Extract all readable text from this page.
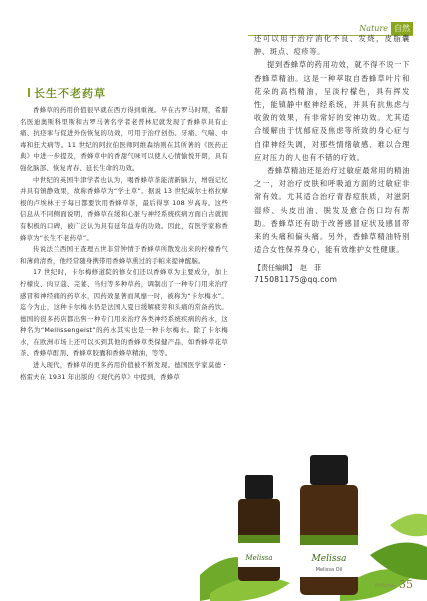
Nature 自然
长生不老药草

香蜂草的药用价值很早就在西方得到重视。早在古罗马时期，希腊名医迪奥斯科里斯和古罗马著名学者老普林尼就发现了香蜂草具有止痛、抗痉挛与促进外伤恢复的功效，可用于治疗创伤、牙痛、气喘、中毒和狂犬病等。11 世纪的阿拉伯医师阿维森纳则在其所著的《医药正典》中进一步提及，香蜂草中的香甜气味可以使人心情愉悦开朗，具有强化脑部、恢复青春、延长生命的功效。

中世纪的英国牛津学者也认为，喝香蜂草茶能清新脑力，增强记忆并具有镇静效果，故称香蜂草为“学士草”。据说 13 世纪威尔士格拉摩根的卢埃林王子每日都要饮用香蜂草茶，最后得享 108 岁高寿。这些信息从不同侧面说明，香蜂草在缓和心脏与神经系统疾病方面自古就拥有积极的口碑，被广泛认为具有延年益寿的功效。因此，有医学家称香蜂草为“长生不老药草”。

传说法兰西国王查理五世非常钟情于香蜂草所散发出来的柠檬香气和薄荷清香，他经常随身携带用香蜂草熏过的手帕来提神醒脑。

17 世纪时，卡尔梅修道院的修女们还以香蜂草为主要成分，加上柠檬皮、肉豆蔻、芫荽、当归等多种草药，调制出了一种专门用来治疗感冒和神经痛的药草水，因药效显著而风靡一时，被称为“卡尔梅水”。迄今为止，这种卡尔梅水仍是法国人夏日缓解疲劳和头痛的常备药饮。德国的很多药店都出售一种专门用来治疗各类神经系统疾病的药水，这种名为“Mellissengeist”的药水其实也是一种卡尔梅水。除了卡尔梅水，在欧洲市场上还可以买到其他的香蜂草类保健产品，如香蜂草花草茶、香蜂草酊剂、香蜂草胶囊和香蜂草精油，等等。

进入现代，香蜂草的更多药用价值被不断发现。德国医学家莫德・格雷夫在 1931 年出版的《现代药草》中提到，香蜂草

还可以用于治疗消化不良、发烧，皮脂囊肿、斑点、痘疹等。

提到香蜂草的药用功效，就不得不说一下香蜂草精油。这是一种萃取自香蜂草叶片和花朵的高档精油，呈淡柠檬色，具有挥发性，能镇静中枢神经系统，并具有抗焦虑与收敛的效果，有非常好的安神功效。尤其适合缓解由于忧郁症及焦虑等所致的身心症与自律神经失调，对那些情绪敏感、难以合理应对压力的人也有不错的疗效。

香蜂草精油还是治疗过敏症最常用的精油之一，对治疗皮肤和呼吸道方面的过敏症非常有效。尤其适合治疗青春痘肤质，对滋阴湿疹、头皮出油、脱发及愈合伤口均有帮助。香蜂草还有助于改善感冒症状及感冒带来的头痛和偏头痛。另外，香蜂草精油特别适合女性保养身心，能有效维护女性健康。

【责任编辑】 赵　菲
715081175@qq.com
Melissa	Melissa
Melissa Oil
Natural 35
